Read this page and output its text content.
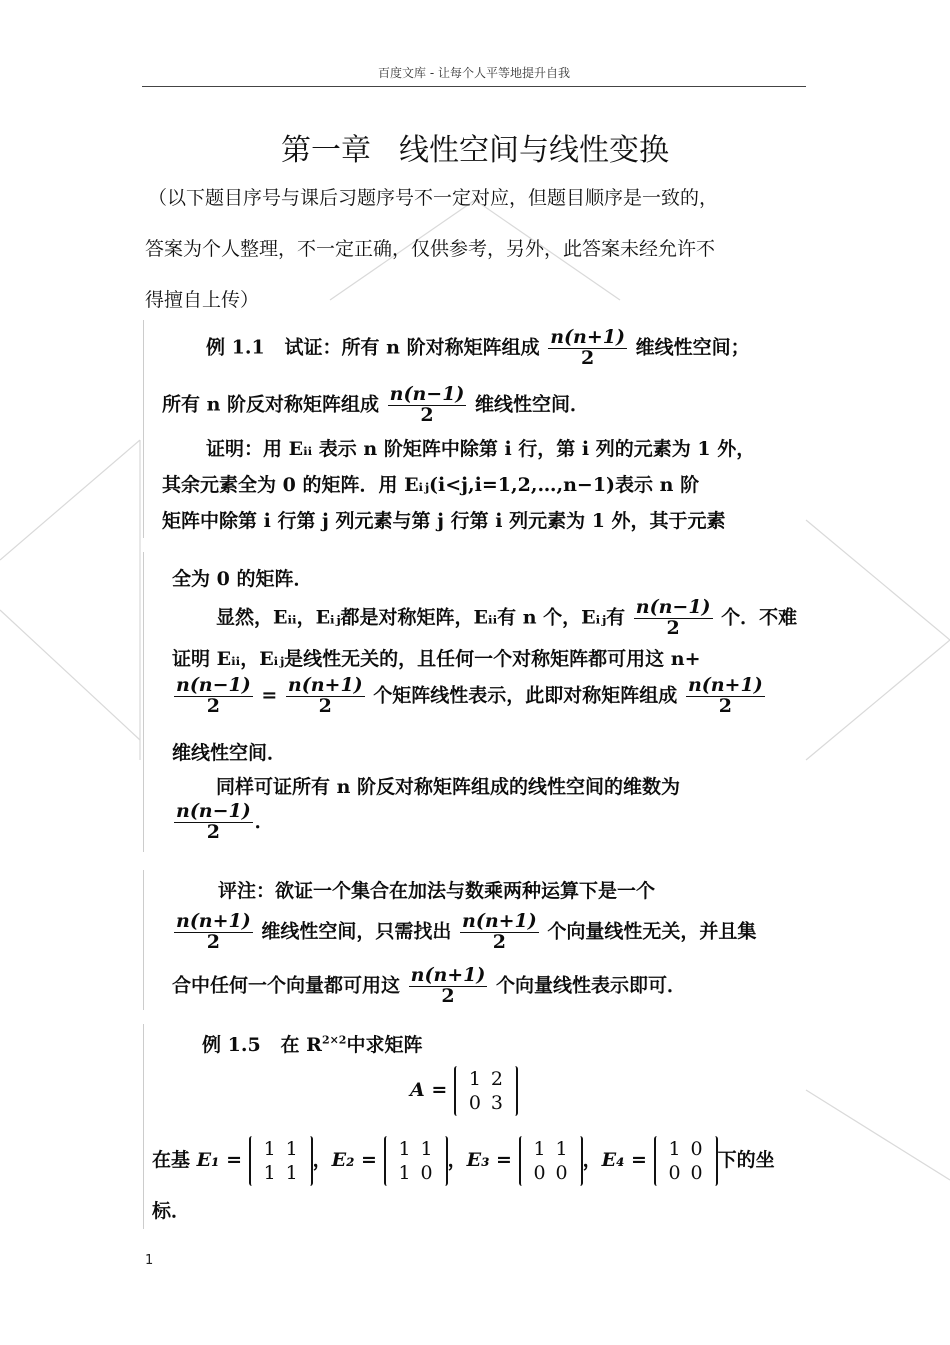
百度文库 - 让每个人平等地提升自我
第一章 线性空间与线性变换
（以下题目序号与课后习题序号不一定对应，但题目顺序是一致的，
答案为个人整理，不一定正确，仅供参考，另外，此答案未经允许不
得擅自上传）
例 1.1 试证：所有 n 阶对称矩阵组成 $\frac{n(n+1)}{2}$ 维线性空间；
所有 n 阶反对称矩阵组成 $\frac{n(n-1)}{2}$ 维线性空间．
证明：用 Eᵢᵢ 表示 n 阶矩阵中除第 i 行，第 i 列的元素为 1 外，
其余元素全为 0 的矩阵．用 Eᵢⱼ(i<j,i=1,2,…,n−1)表示 n 阶
矩阵中除第 i 行第 j 列元素与第 j 行第 i 列元素为 1 外，其于元素
全为 0 的矩阵．
显然，Eᵢᵢ，Eᵢⱼ都是对称矩阵，Eᵢᵢ有 n 个，Eᵢⱼ有 $\frac{n(n-1)}{2}$ 个．不难
证明 Eᵢᵢ，Eᵢⱼ是线性无关的，且任何一个对称矩阵都可用这 n+
$\frac{n(n-1)}{2} = \frac{n(n+1)}{2}$ 个矩阵线性表示，此即对称矩阵组成 $\frac{n(n+1)}{2}$
维线性空间．
同样可证所有 n 阶反对称矩阵组成的线性空间的维数为
$\frac{n(n-1)}{2}$ ．
评注：欲证一个集合在加法与数乘两种运算下是一个
$\frac{n(n+1)}{2}$ 维线性空间，只需找出 $\frac{n(n+1)}{2}$ 个向量线性无关，并且集
合中任何一个向量都可用这 $\frac{n(n+1)}{2}$ 个向量线性表示即可．
例 1.5 在 $R^{2\times 2}$中求矩阵
A = 1 2
0 3
在基 E₁ = 1 1
1 1
，E₂ = 1 1
1 0
，E₃ = 1 1
0 0
，E₄ = 1 0
0 0
下的坐
标．
1
